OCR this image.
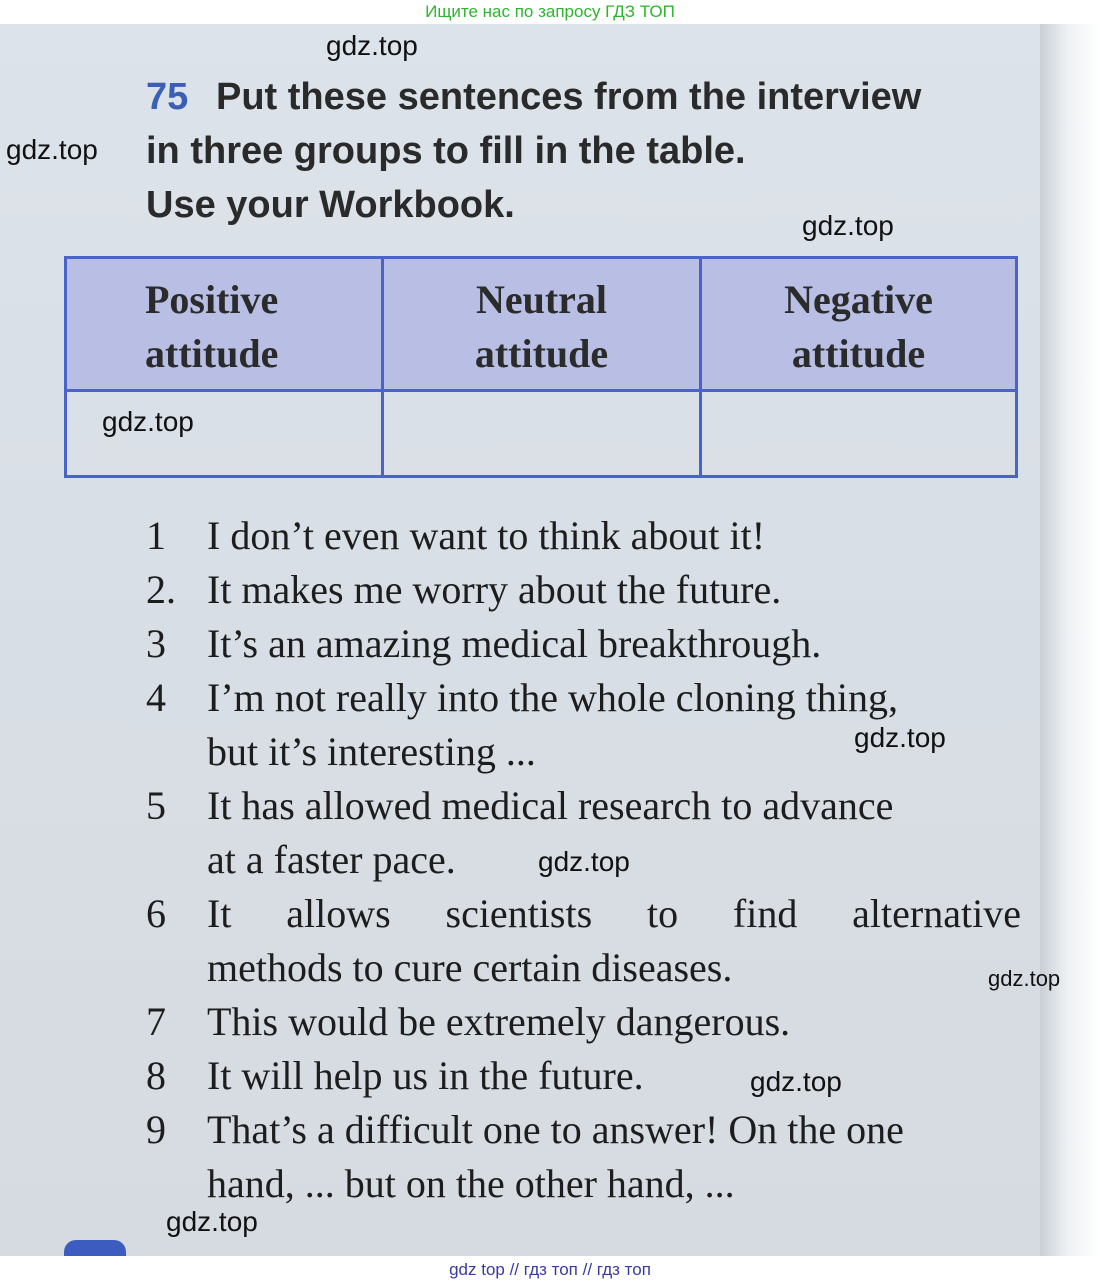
Ищите нас по запросу ГДЗ ТОП
75 Put these sentences from the interview
in three groups to fill in the table.
Use your Workbook.
Positive
attitude
Neutral
attitude
Negative
attitude
1 I don’t even want to think about it!
2. It makes me worry about the future.
3 It’s an amazing medical breakthrough.
4 I’m not really into the whole cloning thing,
but it’s interesting ...
5 It has allowed medical research to advance
at a faster pace.
6 It allows scientists to find alternative
methods to cure certain diseases.
7 This would be extremely dangerous.
8 It will help us in the future.
9 That’s a difficult one to answer! On the one
hand, ... but on the other hand, ...
gdz.top
gdz.top
gdz.top
gdz.top
gdz.top
gdz.top
gdz.top
gdz.top
gdz.top
gdz top // гдз топ // гдз топ
